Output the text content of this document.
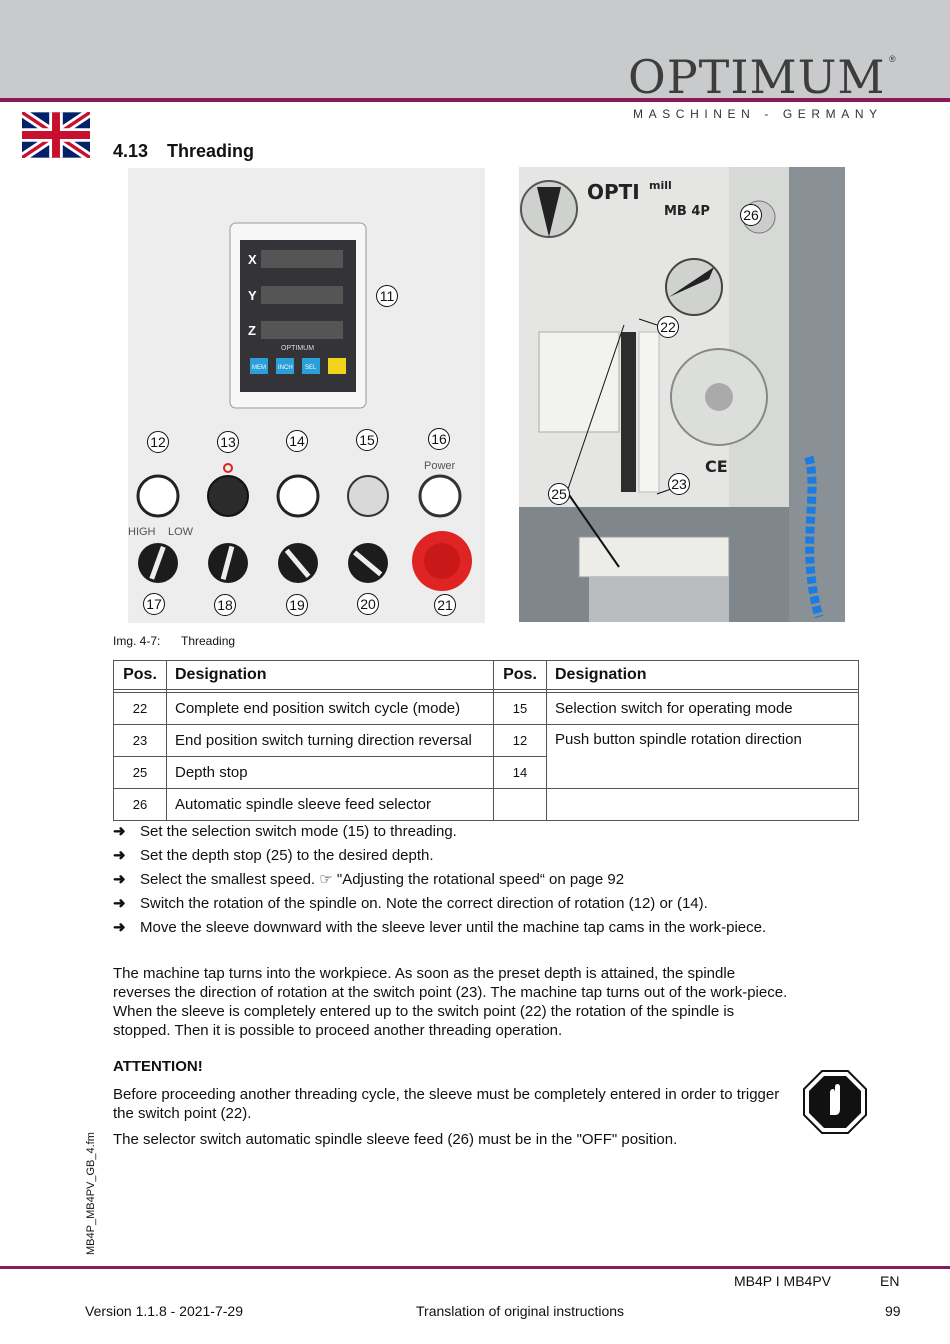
OPTIMUM ®
MASCHINEN - GERMANY
4.13 Threading
X
Y
Z
OPTIMUM
MEM INCH SEL
HIGH LOW
Power
11
12	13	14	15	16
17	18	19	20	21
OPTI mill
MB 4P
CE
26
22
23
25
Img. 4-7: Threading
Pos.	Designation	Pos.	Designation

22	Complete end position switch cycle (mode)	15	Selection switch for operating mode
23	End position switch turning direction reversal	12	Push button spindle rotation direction
25	Depth stop	14	
26	Automatic spindle sleeve feed selector		
➜ Set the selection switch mode (15) to threading.
➜ Set the depth stop (25) to the desired depth.
➜ Select the smallest speed. ☞ "Adjusting the rotational speed“ on page 92
➜ Switch the rotation of the spindle on. Note the correct direction of rotation (12) or (14).
➜ Move the sleeve downward with the sleeve lever until the machine tap cams in the work-piece.
The machine tap turns into the workpiece. As soon as the preset depth is attained, the spindle reverses the direction of rotation at the switch point (23). The machine tap turns out of the work-piece. When the sleeve is completely entered up to the switch point (22) the rotation of the spindle is stopped. Then it is possible to proceed another threading operation.
ATTENTION!
Before proceeding another threading cycle, the sleeve must be completely entered in order to trigger the switch point (22).
The selector switch automatic spindle sleeve feed (26) must be in the "OFF" position.
MB4P_MB4PV_GB_4.fm
MB4P I MB4PV	EN
Version 1.1.8 - 2021-7-29	Translation of original instructions	99
